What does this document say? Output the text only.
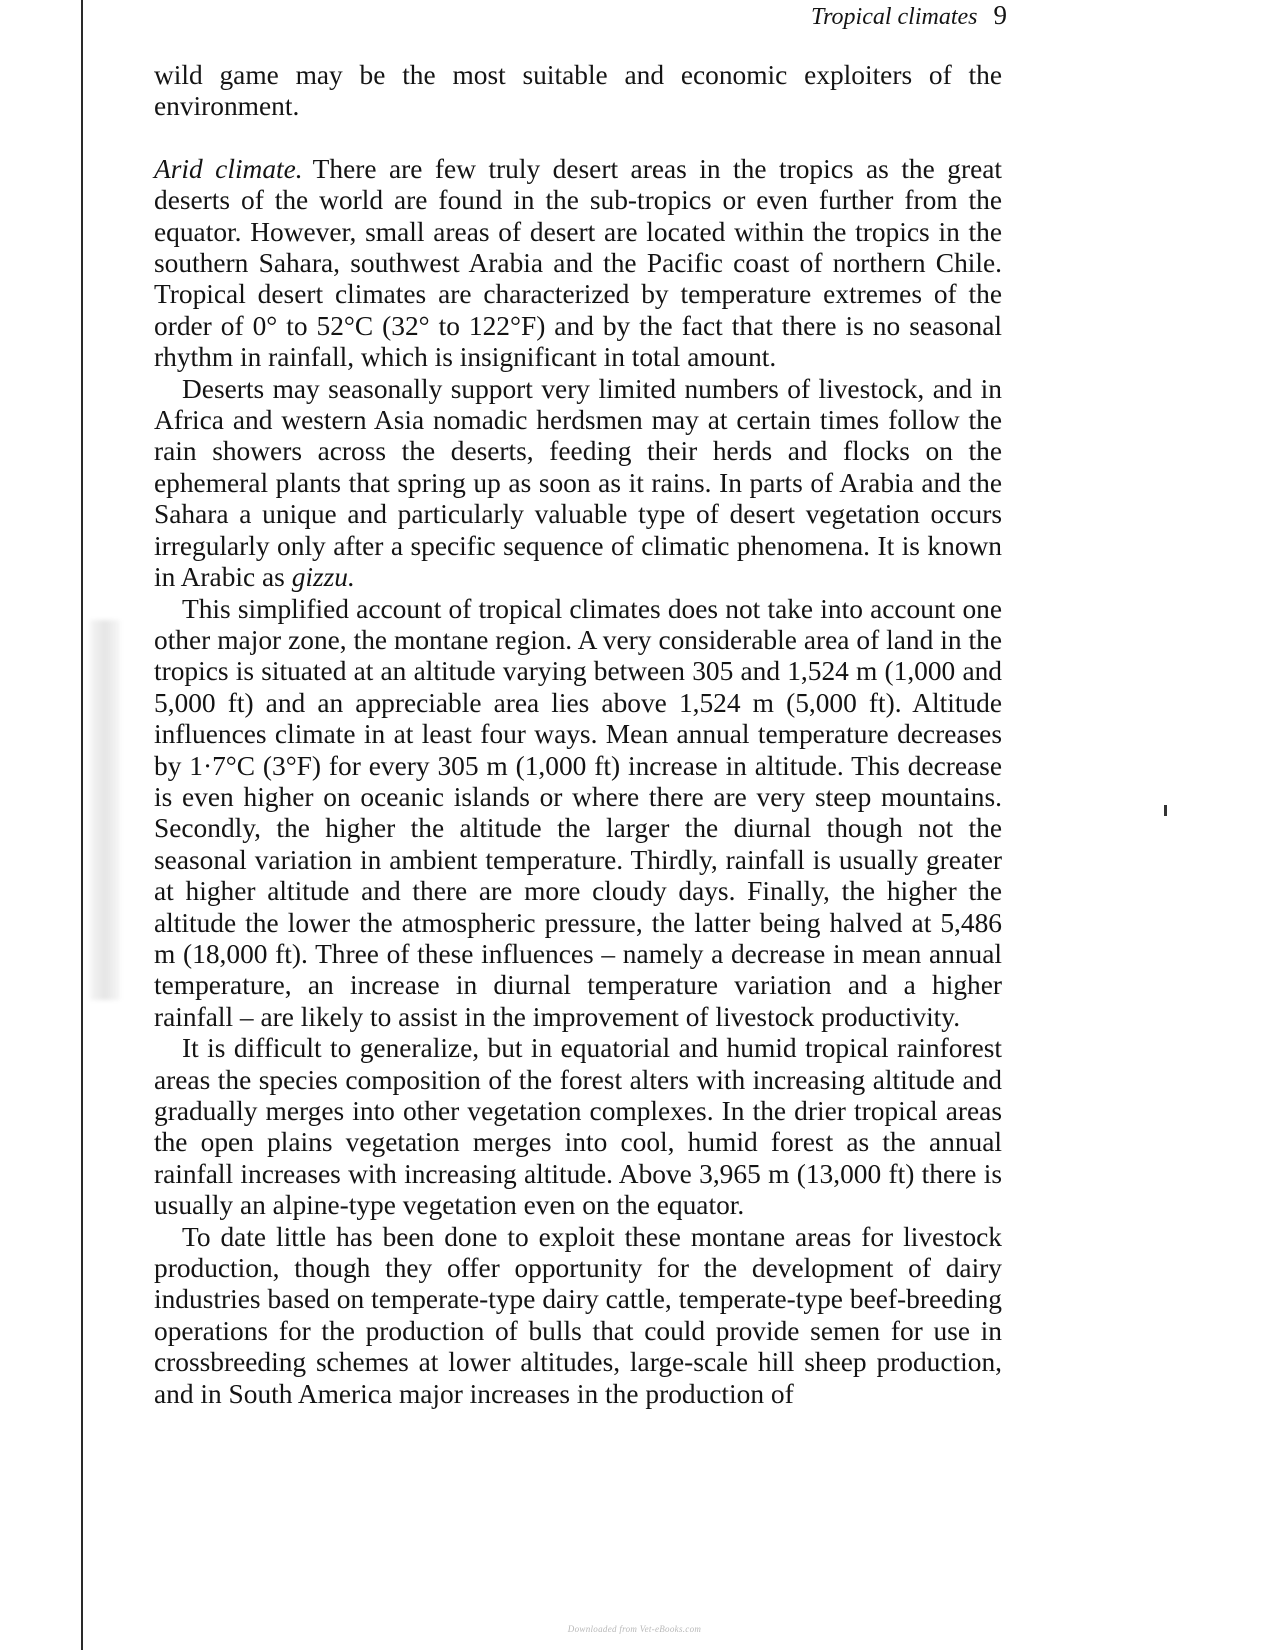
Tropical climates 9

wild game may be the most suitable and economic exploiters of the environment.

Arid climate. There are few truly desert areas in the tropics as the great deserts of the world are found in the sub-tropics or even further from the equator. However, small areas of desert are located within the tropics in the southern Sahara, southwest Arabia and the Pacific coast of northern Chile. Tropical desert climates are characterized by temperature extremes of the order of 0° to 52°C (32° to 122°F) and by the fact that there is no seasonal rhythm in rainfall, which is insignificant in total amount.

Deserts may seasonally support very limited numbers of livestock, and in Africa and western Asia nomadic herdsmen may at certain times follow the rain showers across the deserts, feeding their herds and flocks on the ephemeral plants that spring up as soon as it rains. In parts of Arabia and the Sahara a unique and particularly valuable type of desert vegetation occurs irregularly only after a specific sequence of climatic phenomena. It is known in Arabic as gizzu.

This simplified account of tropical climates does not take into account one other major zone, the montane region. A very considerable area of land in the tropics is situated at an altitude varying between 305 and 1,524 m (1,000 and 5,000 ft) and an appreciable area lies above 1,524 m (5,000 ft). Altitude influences climate in at least four ways. Mean annual temperature decreases by 1·7°C (3°F) for every 305 m (1,000 ft) increase in altitude. This decrease is even higher on oceanic islands or where there are very steep mountains. Secondly, the higher the altitude the larger the diurnal though not the seasonal variation in ambient temperature. Thirdly, rainfall is usually greater at higher altitude and there are more cloudy days. Finally, the higher the altitude the lower the atmospheric pressure, the latter being halved at 5,486 m (18,000 ft). Three of these influences – namely a decrease in mean annual temperature, an increase in diurnal temperature variation and a higher rainfall – are likely to assist in the improvement of livestock productivity.

It is difficult to generalize, but in equatorial and humid tropical rainforest areas the species composition of the forest alters with increasing altitude and gradually merges into other vegetation complexes. In the drier tropical areas the open plains vegetation merges into cool, humid forest as the annual rainfall increases with increasing altitude. Above 3,965 m (13,000 ft) there is usually an alpine-type vegetation even on the equator.

To date little has been done to exploit these montane areas for livestock production, though they offer opportunity for the development of dairy industries based on temperate-type dairy cattle, temperate-type beef-breeding operations for the production of bulls that could provide semen for use in crossbreeding schemes at lower altitudes, large-scale hill sheep production, and in South America major increases in the production of

Downloaded from Vet-eBooks.com
